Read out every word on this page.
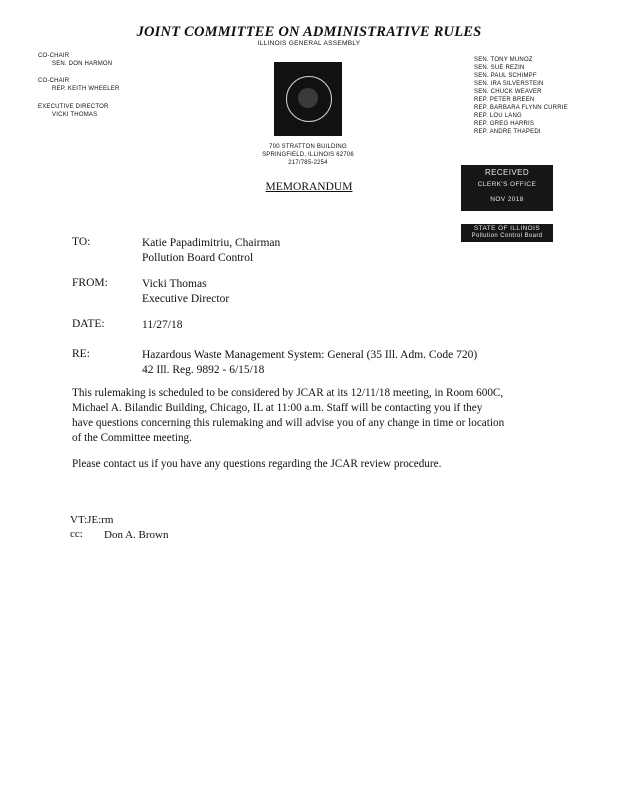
JOINT COMMITTEE ON ADMINISTRATIVE RULES
ILLINOIS GENERAL ASSEMBLY
CO-CHAIR
SEN. DON HARMON
CO-CHAIR
REP. KEITH WHEELER
EXECUTIVE DIRECTOR
VICKI THOMAS
700 STRATTON BUILDING
SPRINGFIELD, ILLINOIS 62706
217/785-2254
SEN. TONY MUNOZ
SEN. SUE REZIN
SEN. PAUL SCHIMPF
SEN. IRA SILVERSTEIN
SEN. CHUCK WEAVER
REP. PETER BREEN
REP. BARBARA FLYNN CURRIE
REP. LOU LANG
REP. GREG HARRIS
REP. ANDRE THAPEDI
RECEIVED
CLERK'S OFFICE
NOV 2018
STATE OF ILLINOIS
Pollution Control Board
MEMORANDUM
TO:	Katie Papadimitriu, Chairman
Pollution Board Control
FROM:	Vicki Thomas
Executive Director
DATE:	11/27/18
RE:	Hazardous Waste Management System: General (35 Ill. Adm. Code 720)
42 Ill. Reg. 9892 - 6/15/18
This rulemaking is scheduled to be considered by JCAR at its 12/11/18 meeting, in Room 600C,
Michael A. Bilandic Building, Chicago, IL at 11:00 a.m. Staff will be contacting you if they
have questions concerning this rulemaking and will advise you of any change in time or location
of the Committee meeting.
Please contact us if you have any questions regarding the JCAR review procedure.
VT:JE:rm
cc: Don A. Brown
